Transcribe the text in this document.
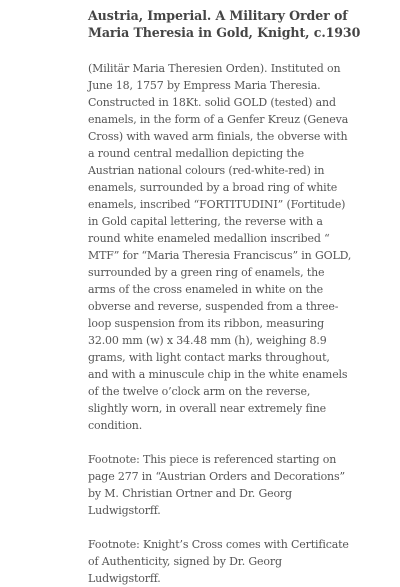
Austria, Imperial. A Military Order of
Maria Theresia in Gold, Knight, c.1930

(Militär Maria Theresien Orden). Instituted on
June 18, 1757 by Empress Maria Theresia.
Constructed in 18Kt. solid GOLD (tested) and
enamels, in the form of a Genfer Kreuz (Geneva
Cross) with waved arm finials, the obverse with
a round central medallion depicting the
Austrian national colours (red-white-red) in
enamels, surrounded by a broad ring of white
enamels, inscribed “FORTITUDINI” (Fortitude)
in Gold capital lettering, the reverse with a
round white enameled medallion inscribed “
MTF” for “Maria Theresia Franciscus” in GOLD,
surrounded by a green ring of enamels, the
arms of the cross enameled in white on the
obverse and reverse, suspended from a three-
loop suspension from its ribbon, measuring
32.00 mm (w) x 34.48 mm (h), weighing 8.9
grams, with light contact marks throughout,
and with a minuscule chip in the white enamels
of the twelve o’clock arm on the reverse,
slightly worn, in overall near extremely fine
condition.

Footnote: This piece is referenced starting on
page 277 in “Austrian Orders and Decorations”
by M. Christian Ortner and Dr. Georg
Ludwigstorff.

Footnote: Knight’s Cross comes with Certificate
of Authenticity, signed by Dr. Georg
Ludwigstorff.
